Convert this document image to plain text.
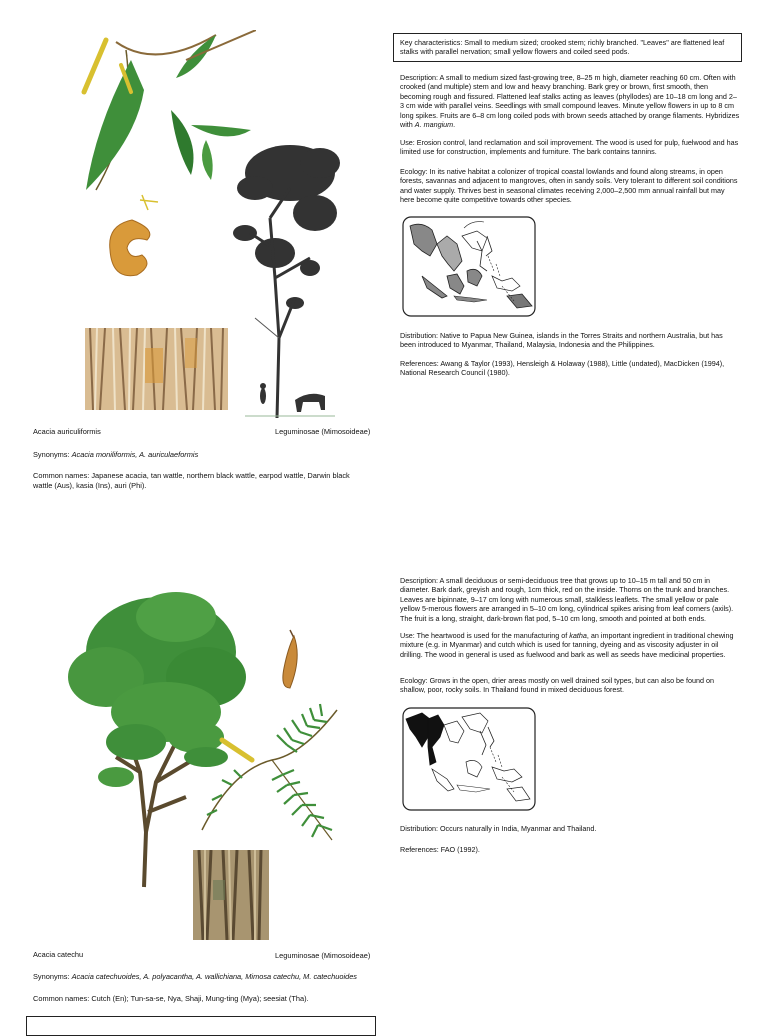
Acacia auriculiformis	Leguminosae (Mimosoideae)
Synonyms: Acacia moniliformis, A. auriculaeformis
Common names: Japanese acacia, tan wattle, northern black wattle, earpod wattle, Darwin black wattle (Aus), kasia (Ins), auri (Phi).

Key characteristics: Small to medium sized; crooked stem; richly branched. "Leaves" are flattened leaf stalks with parallel nervation; small yellow flowers and coiled seed pods.

Description: A small to medium sized fast-growing tree, 8–25 m high, diameter reaching 60 cm. Often with crooked (and multiple) stem and low and heavy branching. Bark grey or brown, first smooth, then becoming rough and fissured. Flattened leaf stalks acting as leaves (phyllodes) are 10–18 cm long and 2–3 cm wide with parallel veins. Seedlings with small compound leaves. Minute yellow flowers in up to 8 cm long spikes. Fruits are 6–8 cm long coiled pods with brown seeds attached by orange filaments. Hybridizes with A. mangium.

Use: Erosion control, land reclamation and soil improvement. The wood is used for pulp, fuelwood and has limited use for construction, implements and furniture. The bark contains tannins.

Ecology: In its native habitat a colonizer of tropical coastal lowlands and found along streams, in open forests, savannas and adjacent to mangroves, often in sandy soils. Very tolerant to different soil conditions and water supply. Thrives best in seasonal climates receiving 2,000–2,500 mm annual rainfall but may here become quite competitive towards other species.

Distribution: Native to Papua New Guinea, islands in the Torres Straits and northern Australia, but has been introduced to Myanmar, Thailand, Malaysia, Indonesia and the Philippines.

References: Awang & Taylor (1993), Hensleigh & Holaway (1988), Little (undated), MacDicken (1994), National Research Council (1980).

Acacia catechu	Leguminosae (Mimosoideae)
Synonyms: Acacia catechuoides, A. polyacantha, A. wallichiana, Mimosa catechu, M. catechuoides
Common names: Cutch (En); Tun-sa-se, Nya, Shaji, Mung-ting (Mya); seesiat (Tha).

Description: A small deciduous or semi-deciduous tree that grows up to 10–15 m tall and 50 cm in diameter. Bark dark, greyish and rough, 1cm thick, red on the inside. Thorns on the trunk and branches. Leaves are bipinnate, 9–17 cm long with numerous small, stalkless leaflets. The small yellow or pale yellow 5-merous flowers are arranged in 5–10 cm long, cylindrical spikes arising from leaf corners (axils). The fruit is a long, straight, dark-brown flat pod, 5–10 cm long, smooth and pointed at both ends.

Use: The heartwood is used for the manufacturing of katha, an important ingredient in traditional chewing mixture (e.g. in Myanmar) and cutch which is used for tanning, dyeing and as viscosity adjuster in oil drilling. The wood in general is used as fuelwood and bark as well as seeds have medicinal properties.

Ecology: Grows in the open, drier areas mostly on well drained soil types, but can also be found on shallow, poor, rocky soils. In Thailand found in mixed deciduous forest.

Distribution: Occurs naturally in India, Myanmar and Thailand.

References: FAO (1992).
